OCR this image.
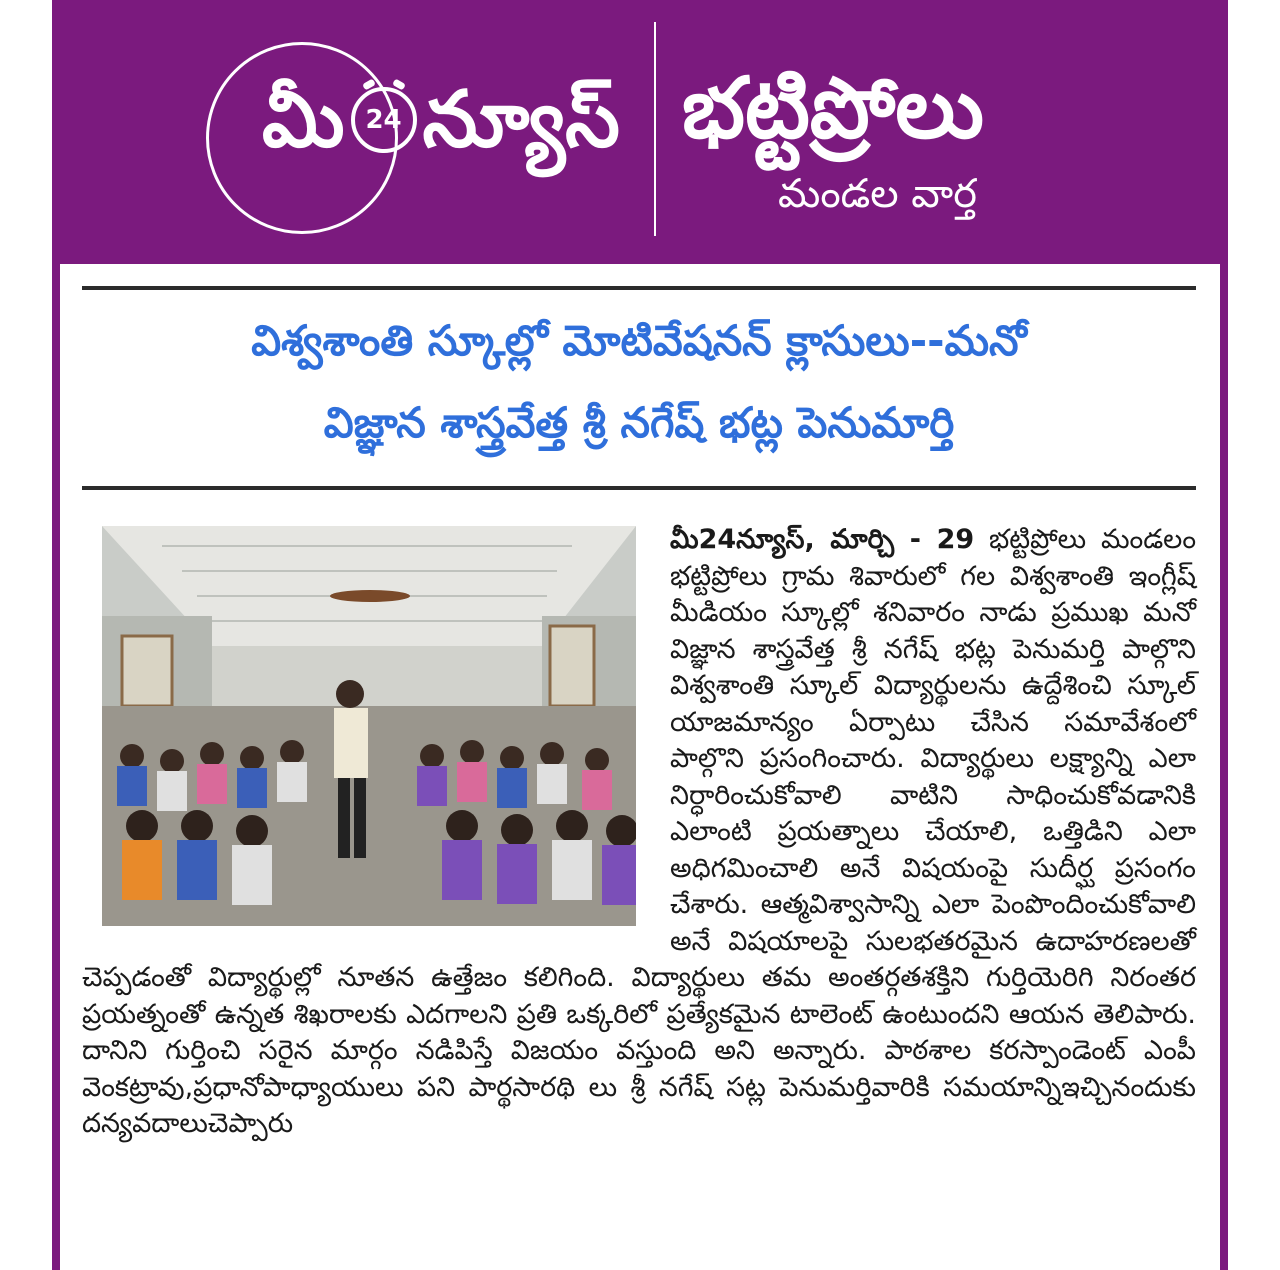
మీ 24 న్యూస్ భట్టిప్రోలు
మండల వార్త
విశ్వశాంతి స్కూల్లో మోటివేషనన్ క్లాసులు--మనో
విజ్ఞాన శాస్త్రవేత్త శ్రీ నగేష్ భట్ల పెనుమార్తి
మీ24న్యూస్, మార్చి - 29 భట్టిప్రోలు మండలం భట్టిప్రోలు గ్రామ శివారులో గల విశ్వశాంతి ఇంగ్లీష్ మీడియం స్కూల్లో శనివారం నాడు ప్రముఖ మనో విజ్ఞాన శాస్త్రవేత్త శ్రీ నగేష్ భట్ల పెనుమర్తి పాల్గొని విశ్వశాంతి స్కూల్ విద్యార్థులను ఉద్దేశించి స్కూల్ యాజమాన్యం ఏర్పాటు చేసిన సమావేశంలో పాల్గొని ప్రసంగించారు. విద్యార్థులు లక్ష్యాన్ని ఎలా నిర్ధారించుకోవాలి వాటిని సాధించుకోవడానికి ఎలాంటి ప్రయత్నాలు చేయాలి, ఒత్తిడిని ఎలా అధిగమించాలి అనే విషయంపై సుదీర్ఘ ప్రసంగం చేశారు. ఆత్మవిశ్వాసాన్ని ఎలా పెంపొందించుకోవాలి అనే విషయాలపై సులభతరమైన ఉదాహరణలతో చెప్పడంతో విద్యార్థుల్లో నూతన ఉత్తేజం కలిగింది. విద్యార్థులు తమ అంతర్గతశక్తిని గుర్తియెరిగి నిరంతర ప్రయత్నంతో ఉన్నత శిఖరాలకు ఎదగాలని ప్రతి ఒక్కరిలో ప్రత్యేకమైన టాలెంట్ ఉంటుందని ఆయన తెలిపారు. దానిని గుర్తించి సరైన మార్గం నడిపిస్తే విజయం వస్తుంది అని అన్నారు. పాఠశాల కరస్పాండెంట్ ఎంపీ వెంకట్రావు,ప్రధానోపాధ్యాయులు పని పార్థసారథి లు శ్రీ నగేష్ సట్ల పెనుమర్తివారికి సమయాన్నిఇచ్చినందుకు దన్యవదాలుచెప్పారు
